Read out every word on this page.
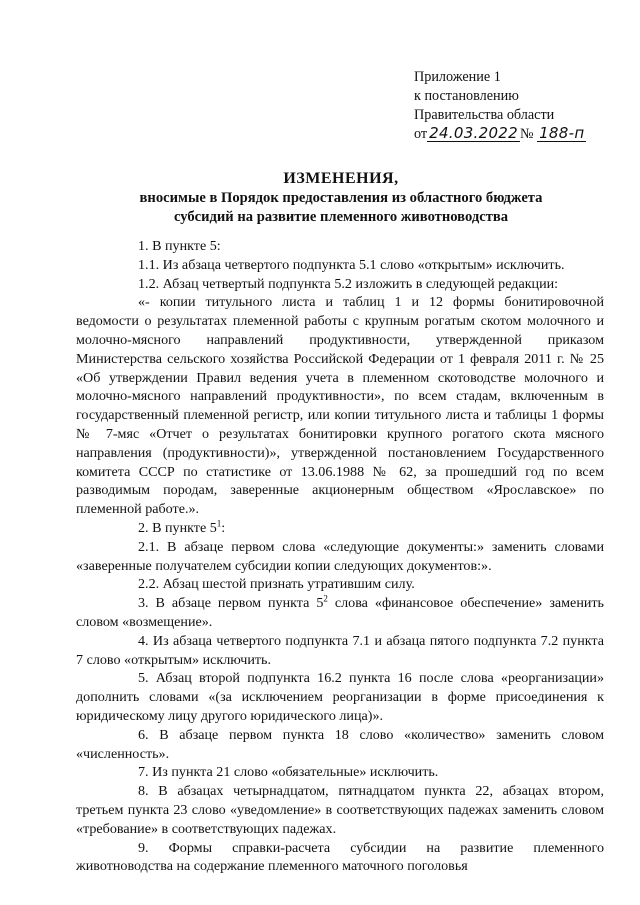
Приложение 1
к постановлению
Правительства области
от 24.03.2022 № 188-п
ИЗМЕНЕНИЯ,
вносимые в Порядок предоставления из областного бюджета
субсидий на развитие племенного животноводства

1. В пункте 5:

1.1. Из абзаца четвертого подпункта 5.1 слово «открытым» исключить.

1.2. Абзац четвертый подпункта 5.2 изложить в следующей редакции:

«- копии титульного листа и таблиц 1 и 12 формы бонитировочной ведомости о результатах племенной работы с крупным рогатым скотом молочного и молочно-мясного направлений продуктивности, утвержденной приказом Министерства сельского хозяйства Российской Федерации от 1 февраля 2011 г. № 25 «Об утверждении Правил ведения учета в племенном скотоводстве молочного и молочно-мясного направлений продуктивности», по всем стадам, включенным в государственный племенной регистр, или копии титульного листа и таблицы 1 формы № 7-мяс «Отчет о результатах бонитировки крупного рогатого скота мясного направления (продуктивности)», утвержденной постановлением Государственного комитета СССР по статистике от 13.06.1988 № 62, за прошедший год по всем разводимым породам, заверенные акционерным обществом «Ярославское» по племенной работе.».

2. В пункте $5^1$:

2.1. В абзаце первом слова «следующие документы:» заменить словами «заверенные получателем субсидии копии следующих документов:».

2.2. Абзац шестой признать утратившим силу.

3. В абзаце первом пункта $5^2$ слова «финансовое обеспечение» заменить словом «возмещение».

4. Из абзаца четвертого подпункта 7.1 и абзаца пятого подпункта 7.2 пункта 7 слово «открытым» исключить.

5. Абзац второй подпункта 16.2 пункта 16 после слова «реорганизации» дополнить словами «(за исключением реорганизации в форме присоединения к юридическому лицу другого юридического лица)».

6. В абзаце первом пункта 18 слово «количество» заменить словом «численность».

7. Из пункта 21 слово «обязательные» исключить.

8. В абзацах четырнадцатом, пятнадцатом пункта 22, абзацах втором, третьем пункта 23 слово «уведомление» в соответствующих падежах заменить словом «требование» в соответствующих падежах.

9. Формы справки-расчета субсидии на развитие племенного животноводства на содержание племенного маточного поголовья
